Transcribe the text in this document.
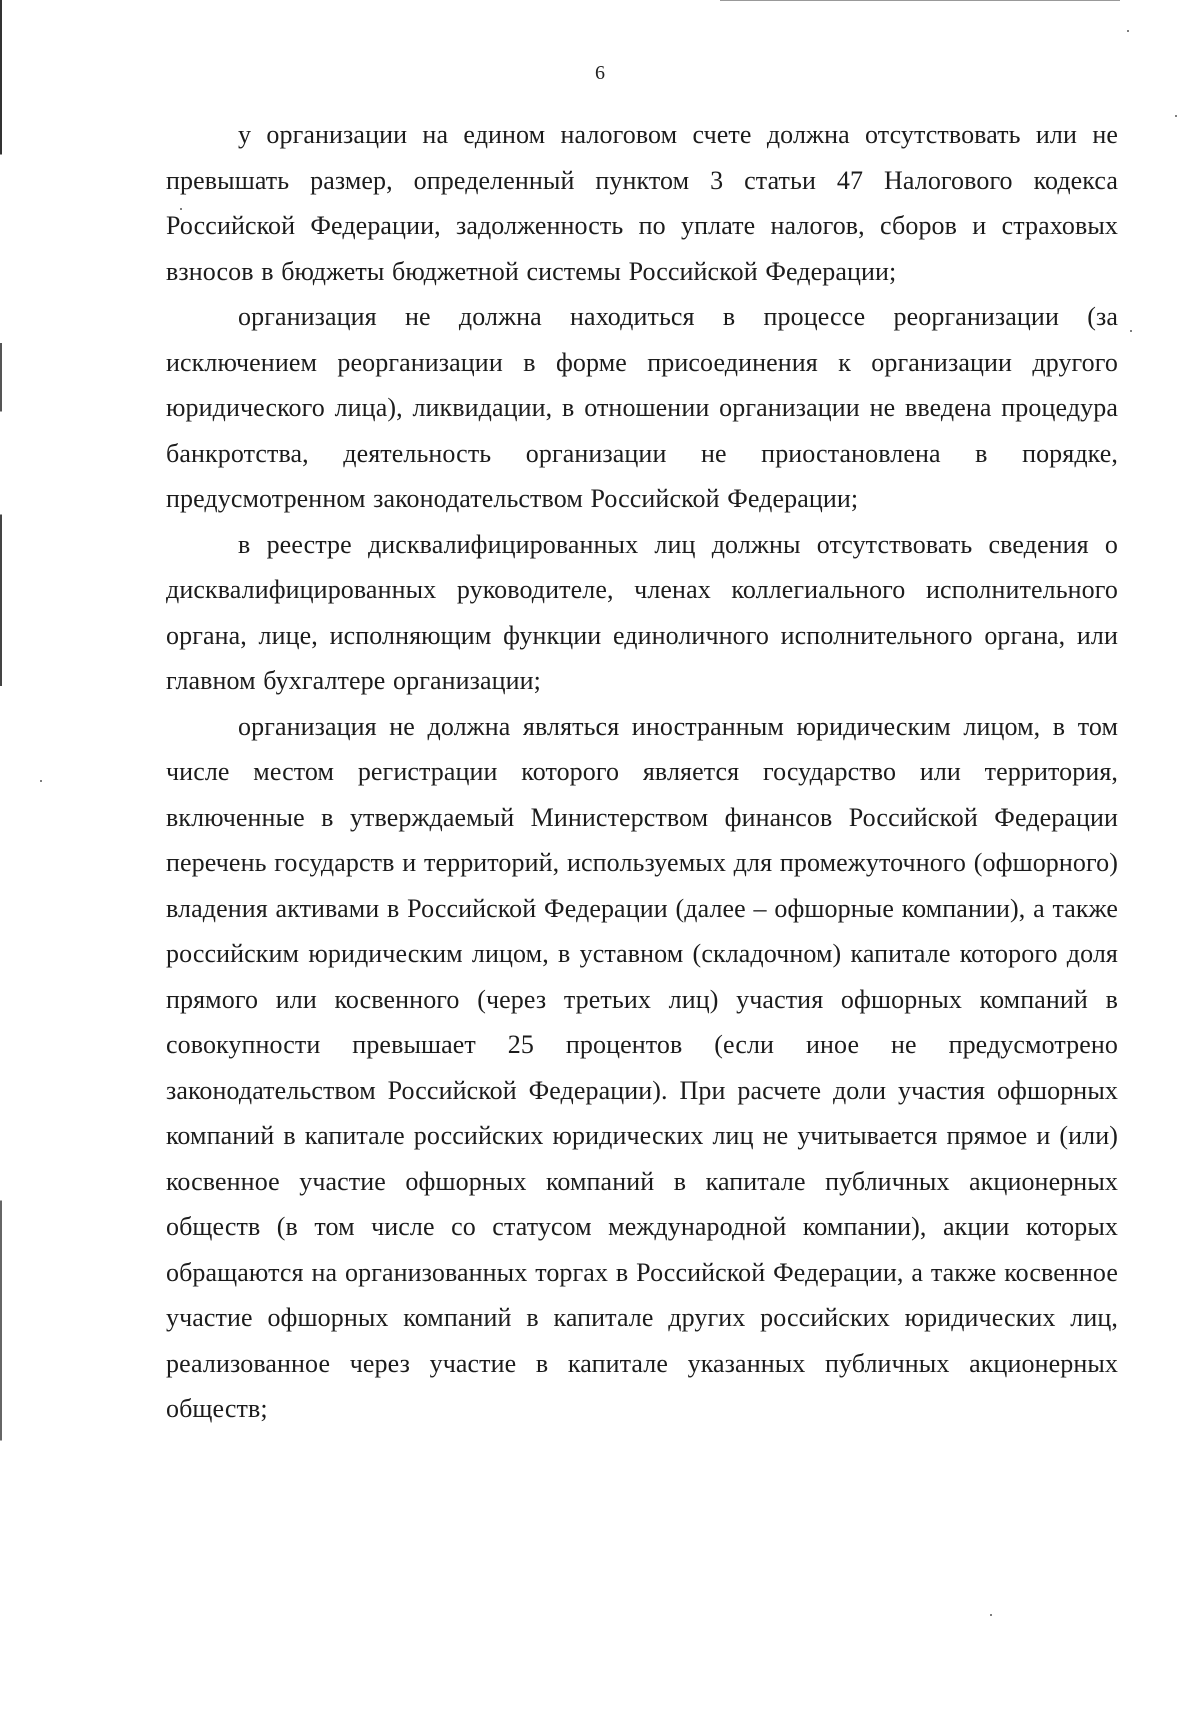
6

у организации на едином налоговом счете должна отсутствовать или не превышать размер, определенный пунктом 3 статьи 47 Налогового кодекса Российской Федерации, задолженность по уплате налогов, сборов и страховых взносов в бюджеты бюджетной системы Российской Федерации;

организация не должна находиться в процессе реорганизации (за исключением реорганизации в форме присоединения к организации другого юридического лица), ликвидации, в отношении организации не введена процедура банкротства, деятельность организации не приостановлена в порядке, предусмотренном законодательством Российской Федерации;

в реестре дисквалифицированных лиц должны отсутствовать сведения о дисквалифицированных руководителе, членах коллегиального исполнительного органа, лице, исполняющим функции единоличного исполнительного органа, или главном бухгалтере организации;

организация не должна являться иностранным юридическим лицом, в том числе местом регистрации которого является государство или территория, включенные в утверждаемый Министерством финансов Российской Федерации перечень государств и территорий, используемых для промежуточного (офшорного) владения активами в Российской Федерации (далее – офшорные компании), а также российским юридическим лицом, в уставном (складочном) капитале которого доля прямого или косвенного (через третьих лиц) участия офшорных компаний в совокупности превышает 25 процентов (если иное не предусмотрено законодательством Российской Федерации). При расчете доли участия офшорных компаний в капитале российских юридических лиц не учитывается прямое и (или) косвенное участие офшорных компаний в капитале публичных акционерных обществ (в том числе со статусом международной компании), акции которых обращаются на организованных торгах в Российской Федерации, а также косвенное участие офшорных компаний в капитале других российских юридических лиц, реализованное через участие в капитале указанных публичных акционерных обществ;
